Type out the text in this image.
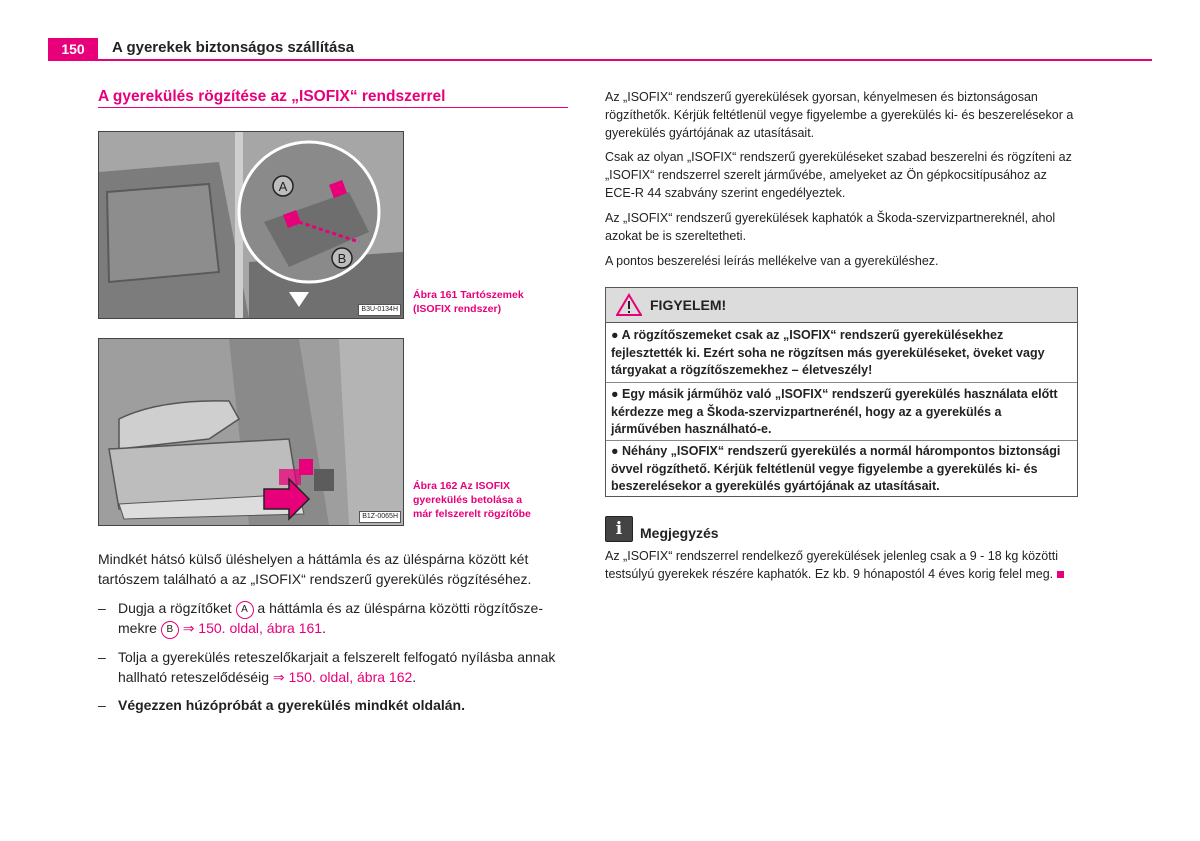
150	A gyerekek biztonságos szállítása
A gyerekülés rögzítése az „ISOFIX“ rendszerrel
A
B
B3U-0134H
Ábra 161 Tartószemek
(ISOFIX rendszer)
B1Z-0065H
Ábra 162 Az ISOFIX
gyerekülés betolása a
már felszerelt rögzítőbe
Mindkét hátsó külső üléshelyen a háttámla és az üléspárna között két tartószem található a az „ISOFIX“ rendszerű gyerekülés rögzítéséhez.
– Dugja a rögzítőket A a háttámla és az üléspárna közötti rögzítősze-mekre B ⇒ 150. oldal, ábra 161.
– Tolja a gyerekülés reteszelőkarjait a felszerelt felfogató nyílásba annak hallható reteszelődéséig ⇒ 150. oldal, ábra 162.
– Végezzen húzópróbát a gyerekülés mindkét oldalán.
Az „ISOFIX“ rendszerű gyerekülések gyorsan, kényelmesen és biztonságosan rögzíthetők. Kérjük feltétlenül vegye figyelembe a gyerekülés ki- és beszerelésekor a gyerekülés gyártójának az utasításait.
Csak az olyan „ISOFIX“ rendszerű gyereküléseket szabad beszerelni és rögzíteni az „ISOFIX“ rendszerrel szerelt járművébe, amelyeket az Ön gépkocsitípusához az ECE-R 44 szabvány szerint engedélyeztek.
Az „ISOFIX“ rendszerű gyerekülések kaphatók a Škoda-szervizpartnereknél, ahol azokat be is szereltetheti.
A pontos beszerelési leírás mellékelve van a gyereküléshez.
FIGYELEM!
● A rögzítőszemeket csak az „ISOFIX“ rendszerű gyerekülésekhez fejlesztették ki. Ezért soha ne rögzítsen más gyereküléseket, öveket vagy tárgyakat a rögzítőszemekhez – életveszély!
● Egy másik járműhöz való „ISOFIX“ rendszerű gyerekülés használata előtt kérdezze meg a Škoda-szervizpartnerénél, hogy az a gyerekülés a járművében használható-e.
● Néhány „ISOFIX“ rendszerű gyerekülés a normál hárompontos biztonsági övvel rögzíthető. Kérjük feltétlenül vegye figyelembe a gyerekülés ki- és beszerelésekor a gyerekülés gyártójának az utasításait.
i	Megjegyzés
Az „ISOFIX“ rendszerrel rendelkező gyerekülések jelenleg csak a 9 - 18 kg közötti testsúlyú gyerekek részére kaphatók. Ez kb. 9 hónapostól 4 éves korig felel meg.
